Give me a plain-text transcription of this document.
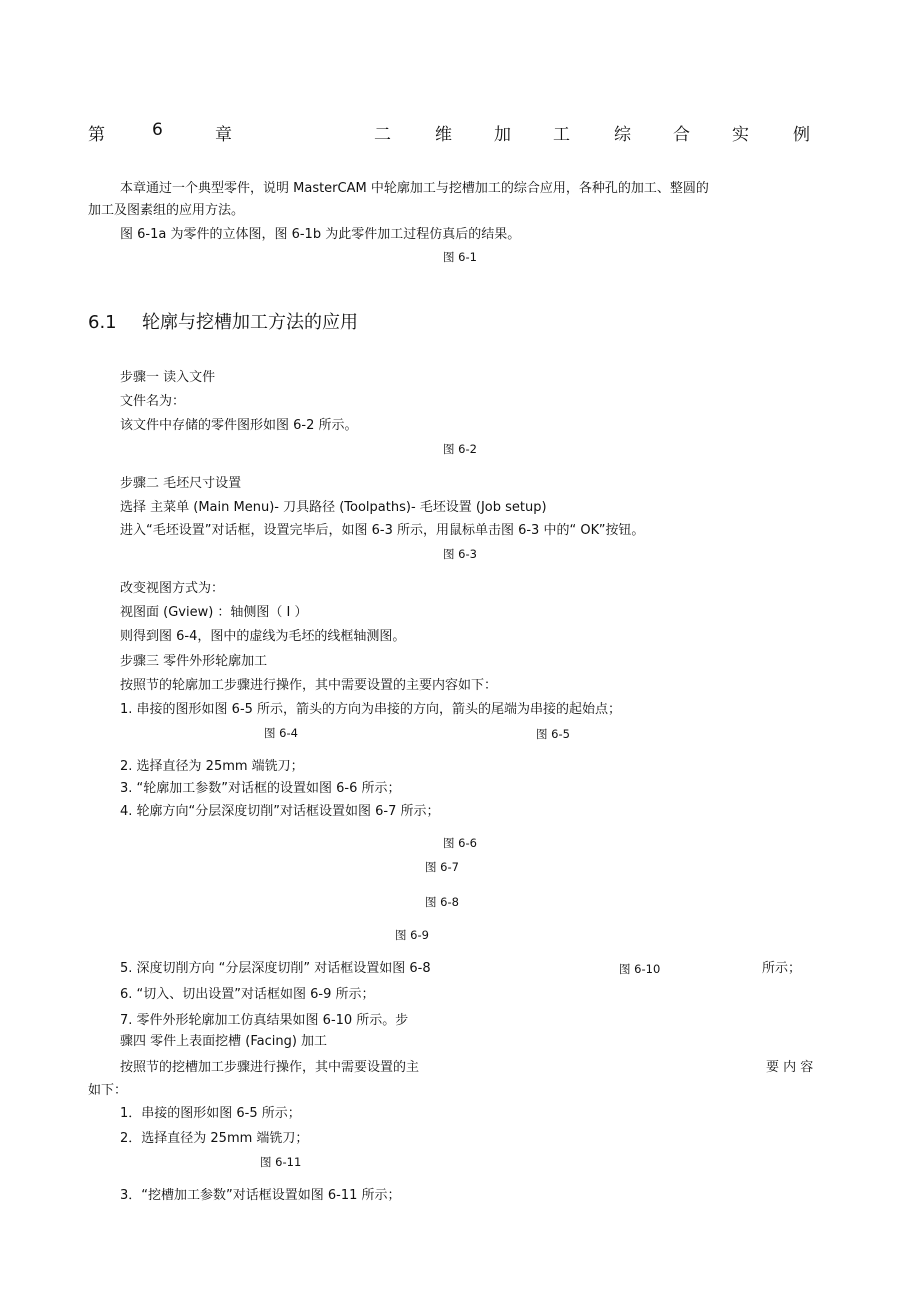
第	6	章	二	维 加 工	综 合 实	例
本章通过一个典型零件，说明 MasterCAM 中轮廓加工与挖槽加工的综合应用，各种孔的加工、整圆的
加工及图素组的应用方法。
图 6-1a 为零件的立体图，图 6-1b 为此零件加工过程仿真后的结果。
图 6-1
6.1 轮廓与挖槽加工方法的应用
步骤一 读入文件
文件名为：
该文件中存储的零件图形如图 6-2 所示。
图 6-2
步骤二 毛坯尺寸设置
选择 主菜单 (Main Menu)- 刀具路径 (Toolpaths)- 毛坯设置 (Job setup)
进入“毛坯设置”对话框，设置完毕后，如图 6-3 所示，用鼠标单击图 6-3 中的“ OK”按钮。
图 6-3
改变视图方式为：
视图面 (Gview) ：轴侧图（ I ）
则得到图 6-4，图中的虚线为毛坯的线框轴测图。
步骤三 零件外形轮廓加工
按照节的轮廓加工步骤进行操作，其中需要设置的主要内容如下：
1. 串接的图形如图 6-5 所示，箭头的方向为串接的方向，箭头的尾端为串接的起始点；
图 6-4	图 6-5
2. 选择直径为 25mm 端铣刀；
3. “轮廓加工参数”对话框的设置如图 6-6 所示；
4. 轮廓方向“分层深度切削”对话框设置如图 6-7 所示；
图 6-6
图 6-7
图 6-8
图 6-9
5. 深度切削方向 “分层深度切削” 对话框设置如图 6-8	图 6-10	所示；
6. “切入、切出设置”对话框如图 6-9 所示；
7. 零件外形轮廓加工仿真结果如图 6-10 所示。步
骤四 零件上表面挖槽 (Facing) 加工
按照节的挖槽加工步骤进行操作，其中需要设置的主	要 内 容
如下：
1．串接的图形如图 6-5 所示；
2．选择直径为 25mm 端铣刀；
图 6-11
3．“挖槽加工参数”对话框设置如图 6-11 所示；
